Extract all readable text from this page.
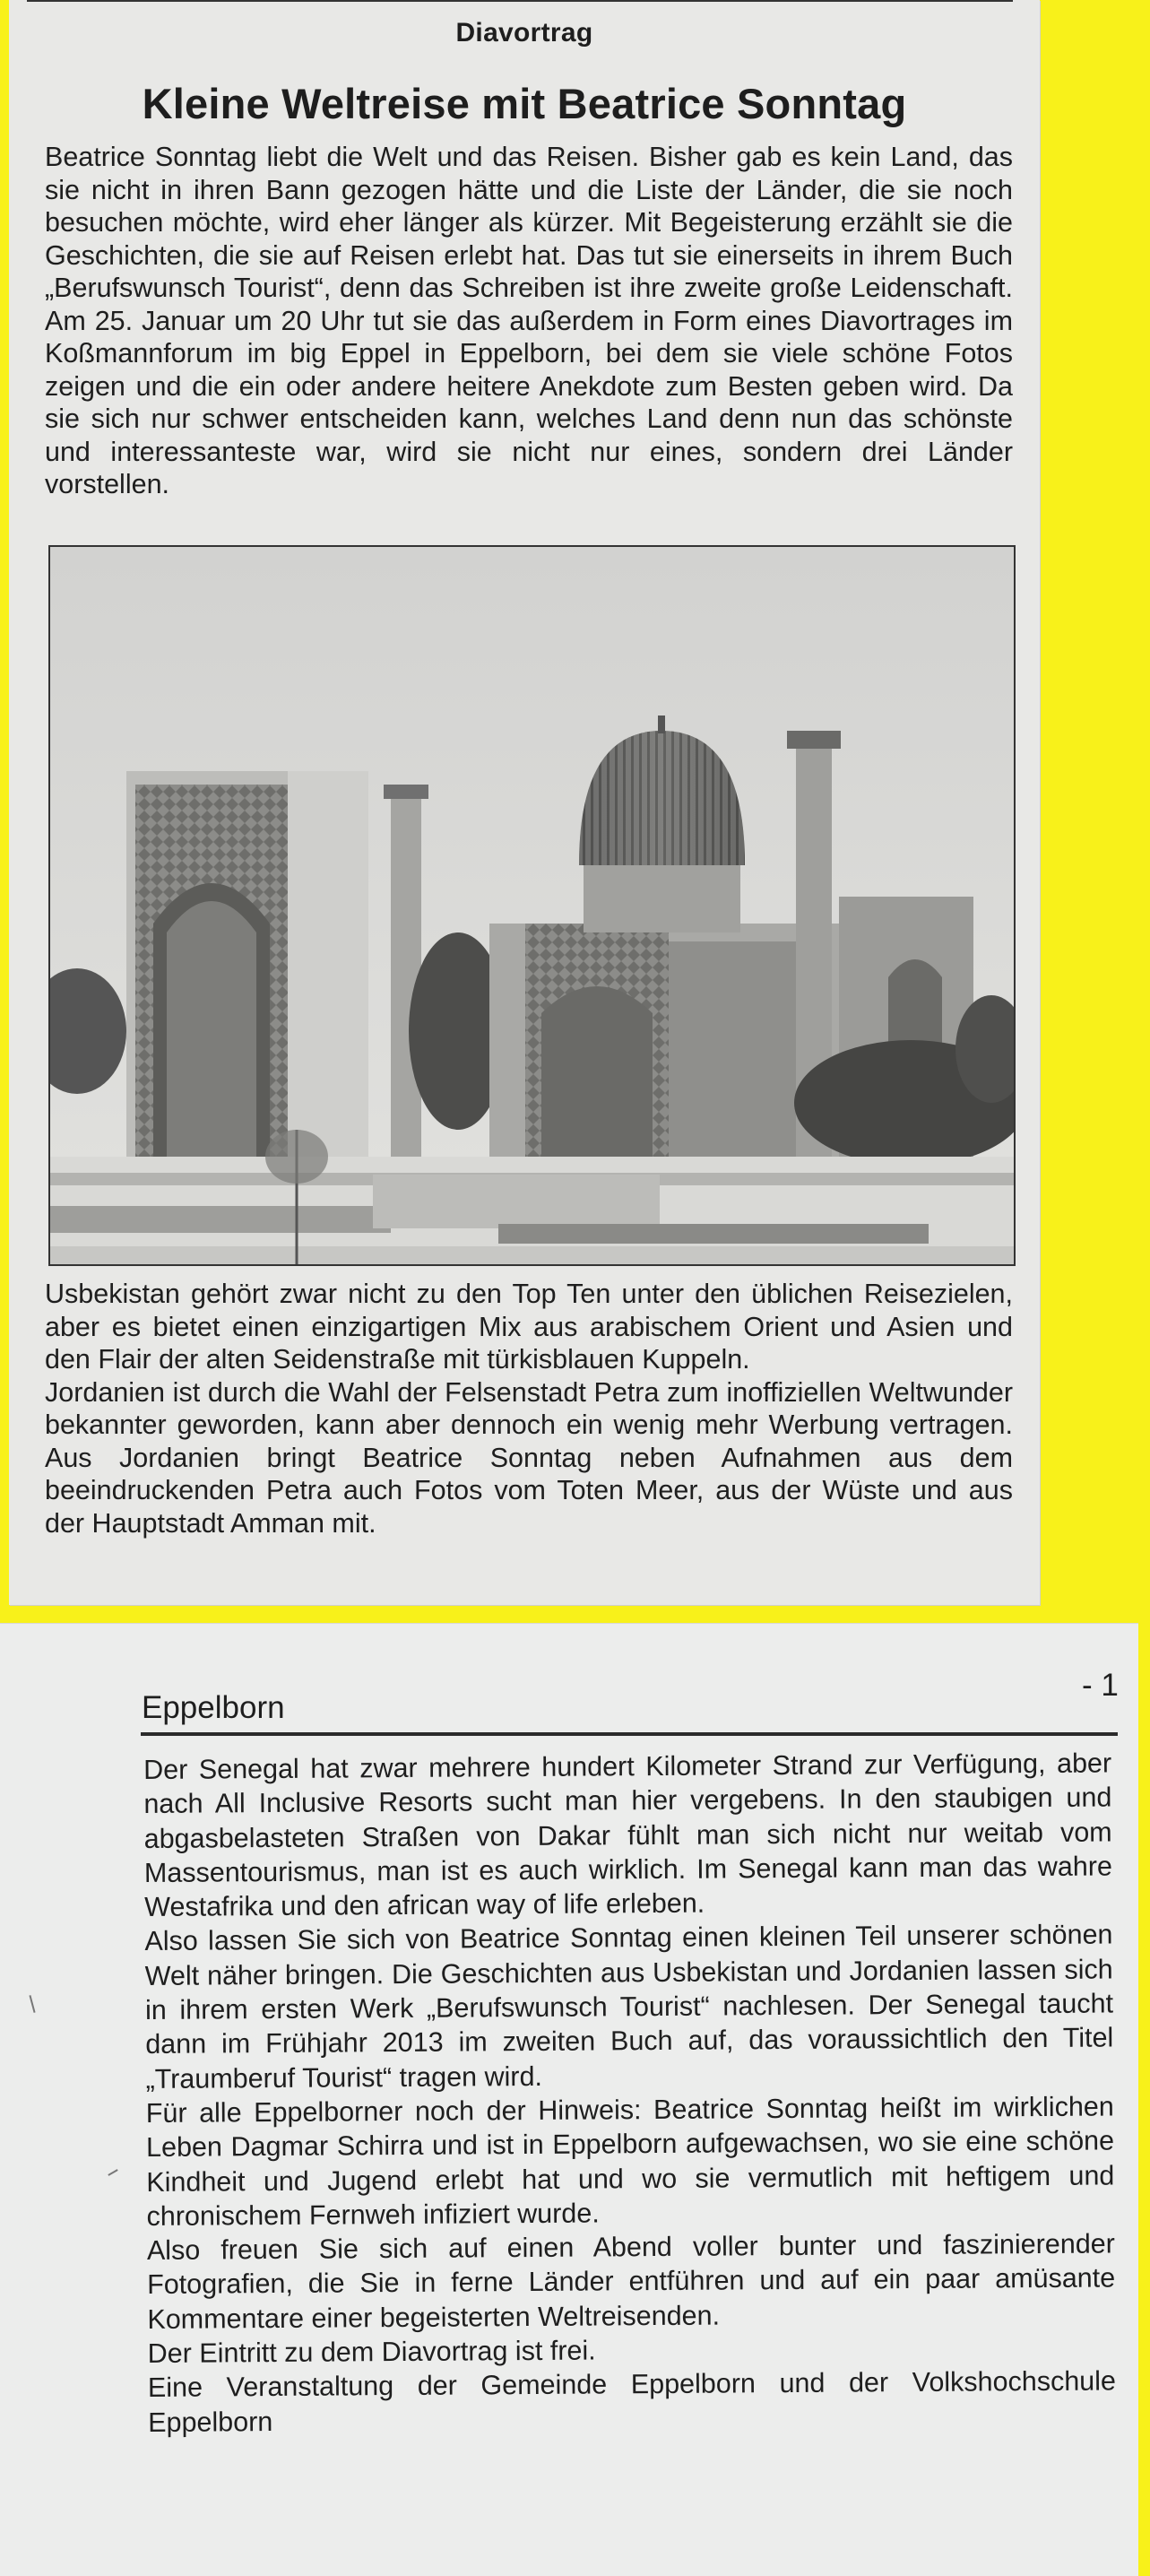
Diavortrag
Kleine Weltreise mit Beatrice Sonntag
Beatrice Sonntag liebt die Welt und das Reisen. Bisher gab es kein Land, das sie nicht in ihren Bann gezogen hätte und die Liste der Länder, die sie noch besuchen möchte, wird eher länger als kürzer. Mit Begeisterung erzählt sie die Geschichten, die sie auf Reisen erlebt hat. Das tut sie einerseits in ihrem Buch „Berufswunsch Tourist“, denn das Schreiben ist ihre zweite große Leidenschaft. Am 25. Januar um 20 Uhr tut sie das außerdem in Form eines Diavortrages im Koßmannforum im big Eppel in Eppelborn, bei dem sie viele schöne Fotos zeigen und die ein oder andere heitere Anekdote zum Besten geben wird. Da sie sich nur schwer entscheiden kann, welches Land denn nun das schönste und interessanteste war, wird sie nicht nur eines, sondern drei Länder vorstellen.
Usbekistan gehört zwar nicht zu den Top Ten unter den üblichen Reisezielen, aber es bietet einen einzigartigen Mix aus arabischem Orient und Asien und den Flair der alten Seidenstraße mit türkisblauen Kuppeln.
Jordanien ist durch die Wahl der Felsenstadt Petra zum inoffiziellen Weltwunder bekannter geworden, kann aber dennoch ein wenig mehr Werbung vertragen. Aus Jordanien bringt Beatrice Sonntag neben Aufnahmen aus dem beeindruckenden Petra auch Fotos vom Toten Meer, aus der Wüste und aus der Hauptstadt Amman mit.
Eppelborn
- 1

Der Senegal hat zwar mehrere hundert Kilometer Strand zur Verfügung, aber nach All Inclusive Resorts sucht man hier vergebens. In den staubigen und abgasbelasteten Straßen von Dakar fühlt man sich nicht nur weitab vom Massentourismus, man ist es auch wirklich. Im Senegal kann man das wahre Westafrika und den african way of life erleben.

Also lassen Sie sich von Beatrice Sonntag einen kleinen Teil unserer schönen Welt näher bringen. Die Geschichten aus Usbekistan und Jordanien lassen sich in ihrem ersten Werk „Berufswunsch Tourist“ nachlesen. Der Senegal taucht dann im Frühjahr 2013 im zweiten Buch auf, das voraussichtlich den Titel „Traumberuf Tourist“ tragen wird.

Für alle Eppelborner noch der Hinweis: Beatrice Sonntag heißt im wirklichen Leben Dagmar Schirra und ist in Eppelborn aufgewachsen, wo sie eine schöne Kindheit und Jugend erlebt hat und wo sie vermutlich mit heftigem und chronischem Fernweh infiziert wurde.

Also freuen Sie sich auf einen Abend voller bunter und faszinierender Fotografien, die Sie in ferne Länder entführen und auf ein paar amüsante Kommentare einer begeisterten Weltreisenden.

Der Eintritt zu dem Diavortrag ist frei.

Eine Veranstaltung der Gemeinde Eppelborn und der Volkshochschule Eppelborn
